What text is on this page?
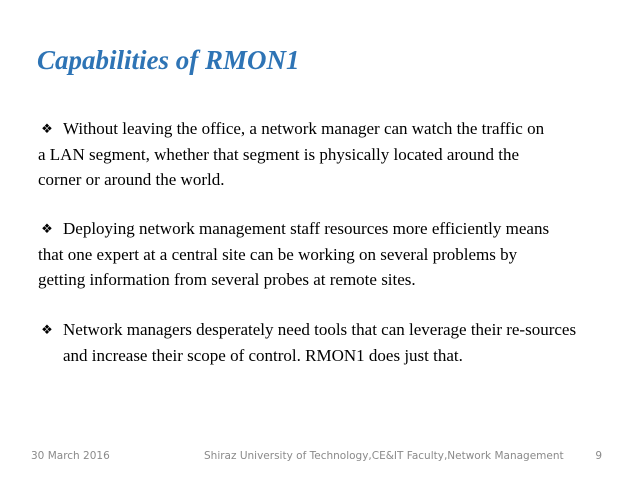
Capabilities of RMON1
❖ Without leaving the office, a network manager can watch the traffic on
a LAN segment, whether that segment is physically located around the
corner or around the world.
❖ Deploying network management staff resources more efficiently means
that one expert at a central site can be working on several problems by
getting information from several probes at remote sites.
❖ Network managers desperately need tools that can leverage their re-sources
and increase their scope of control. RMON1 does just that.
30 March 2016	Shiraz University of Technology,CE&IT Faculty,Network Management	9
